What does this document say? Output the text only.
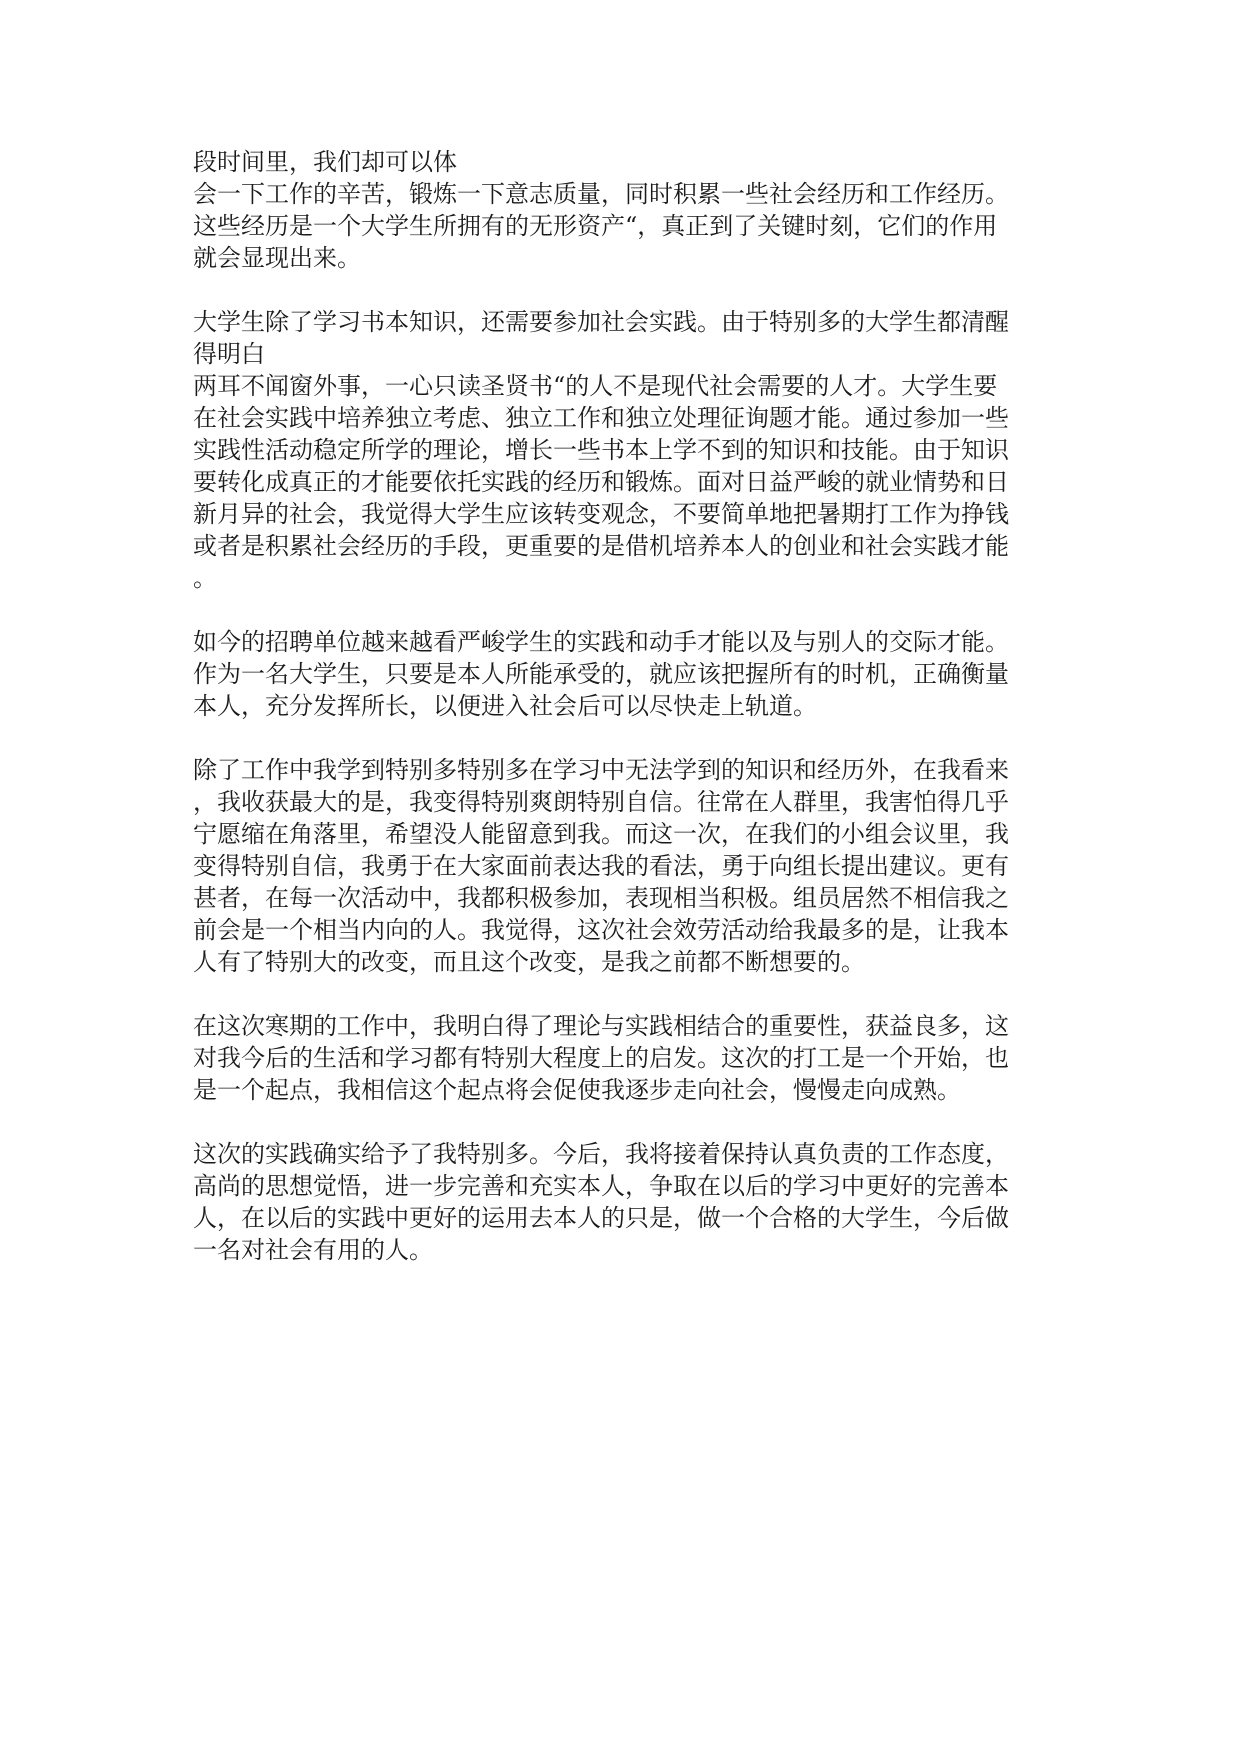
段时间里，我们却可以体
会一下工作的辛苦，锻炼一下意志质量，同时积累一些社会经历和工作经历。
这些经历是一个大学生所拥有的无形资产“，真正到了关键时刻，它们的作用
就会显现出来。
大学生除了学习书本知识，还需要参加社会实践。由于特别多的大学生都清醒
得明白
两耳不闻窗外事，一心只读圣贤书“的人不是现代社会需要的人才。大学生要
在社会实践中培养独立考虑、独立工作和独立处理征询题才能。通过参加一些
实践性活动稳定所学的理论，增长一些书本上学不到的知识和技能。由于知识
要转化成真正的才能要依托实践的经历和锻炼。面对日益严峻的就业情势和日
新月异的社会，我觉得大学生应该转变观念，不要简单地把暑期打工作为挣钱
或者是积累社会经历的手段，更重要的是借机培养本人的创业和社会实践才能
。
如今的招聘单位越来越看严峻学生的实践和动手才能以及与别人的交际才能。
作为一名大学生，只要是本人所能承受的，就应该把握所有的时机，正确衡量
本人，充分发挥所长，以便进入社会后可以尽快走上轨道。
除了工作中我学到特别多特别多在学习中无法学到的知识和经历外，在我看来
，我收获最大的是，我变得特别爽朗特别自信。往常在人群里，我害怕得几乎
宁愿缩在角落里，希望没人能留意到我。而这一次，在我们的小组会议里，我
变得特别自信，我勇于在大家面前表达我的看法，勇于向组长提出建议。更有
甚者，在每一次活动中，我都积极参加，表现相当积极。组员居然不相信我之
前会是一个相当内向的人。我觉得，这次社会效劳活动给我最多的是，让我本
人有了特别大的改变，而且这个改变，是我之前都不断想要的。
在这次寒期的工作中，我明白得了理论与实践相结合的重要性，获益良多，这
对我今后的生活和学习都有特别大程度上的启发。这次的打工是一个开始，也
是一个起点，我相信这个起点将会促使我逐步走向社会，慢慢走向成熟。
这次的实践确实给予了我特别多。今后，我将接着保持认真负责的工作态度，
高尚的思想觉悟，进一步完善和充实本人，争取在以后的学习中更好的完善本
人，在以后的实践中更好的运用去本人的只是，做一个合格的大学生，今后做
一名对社会有用的人。
